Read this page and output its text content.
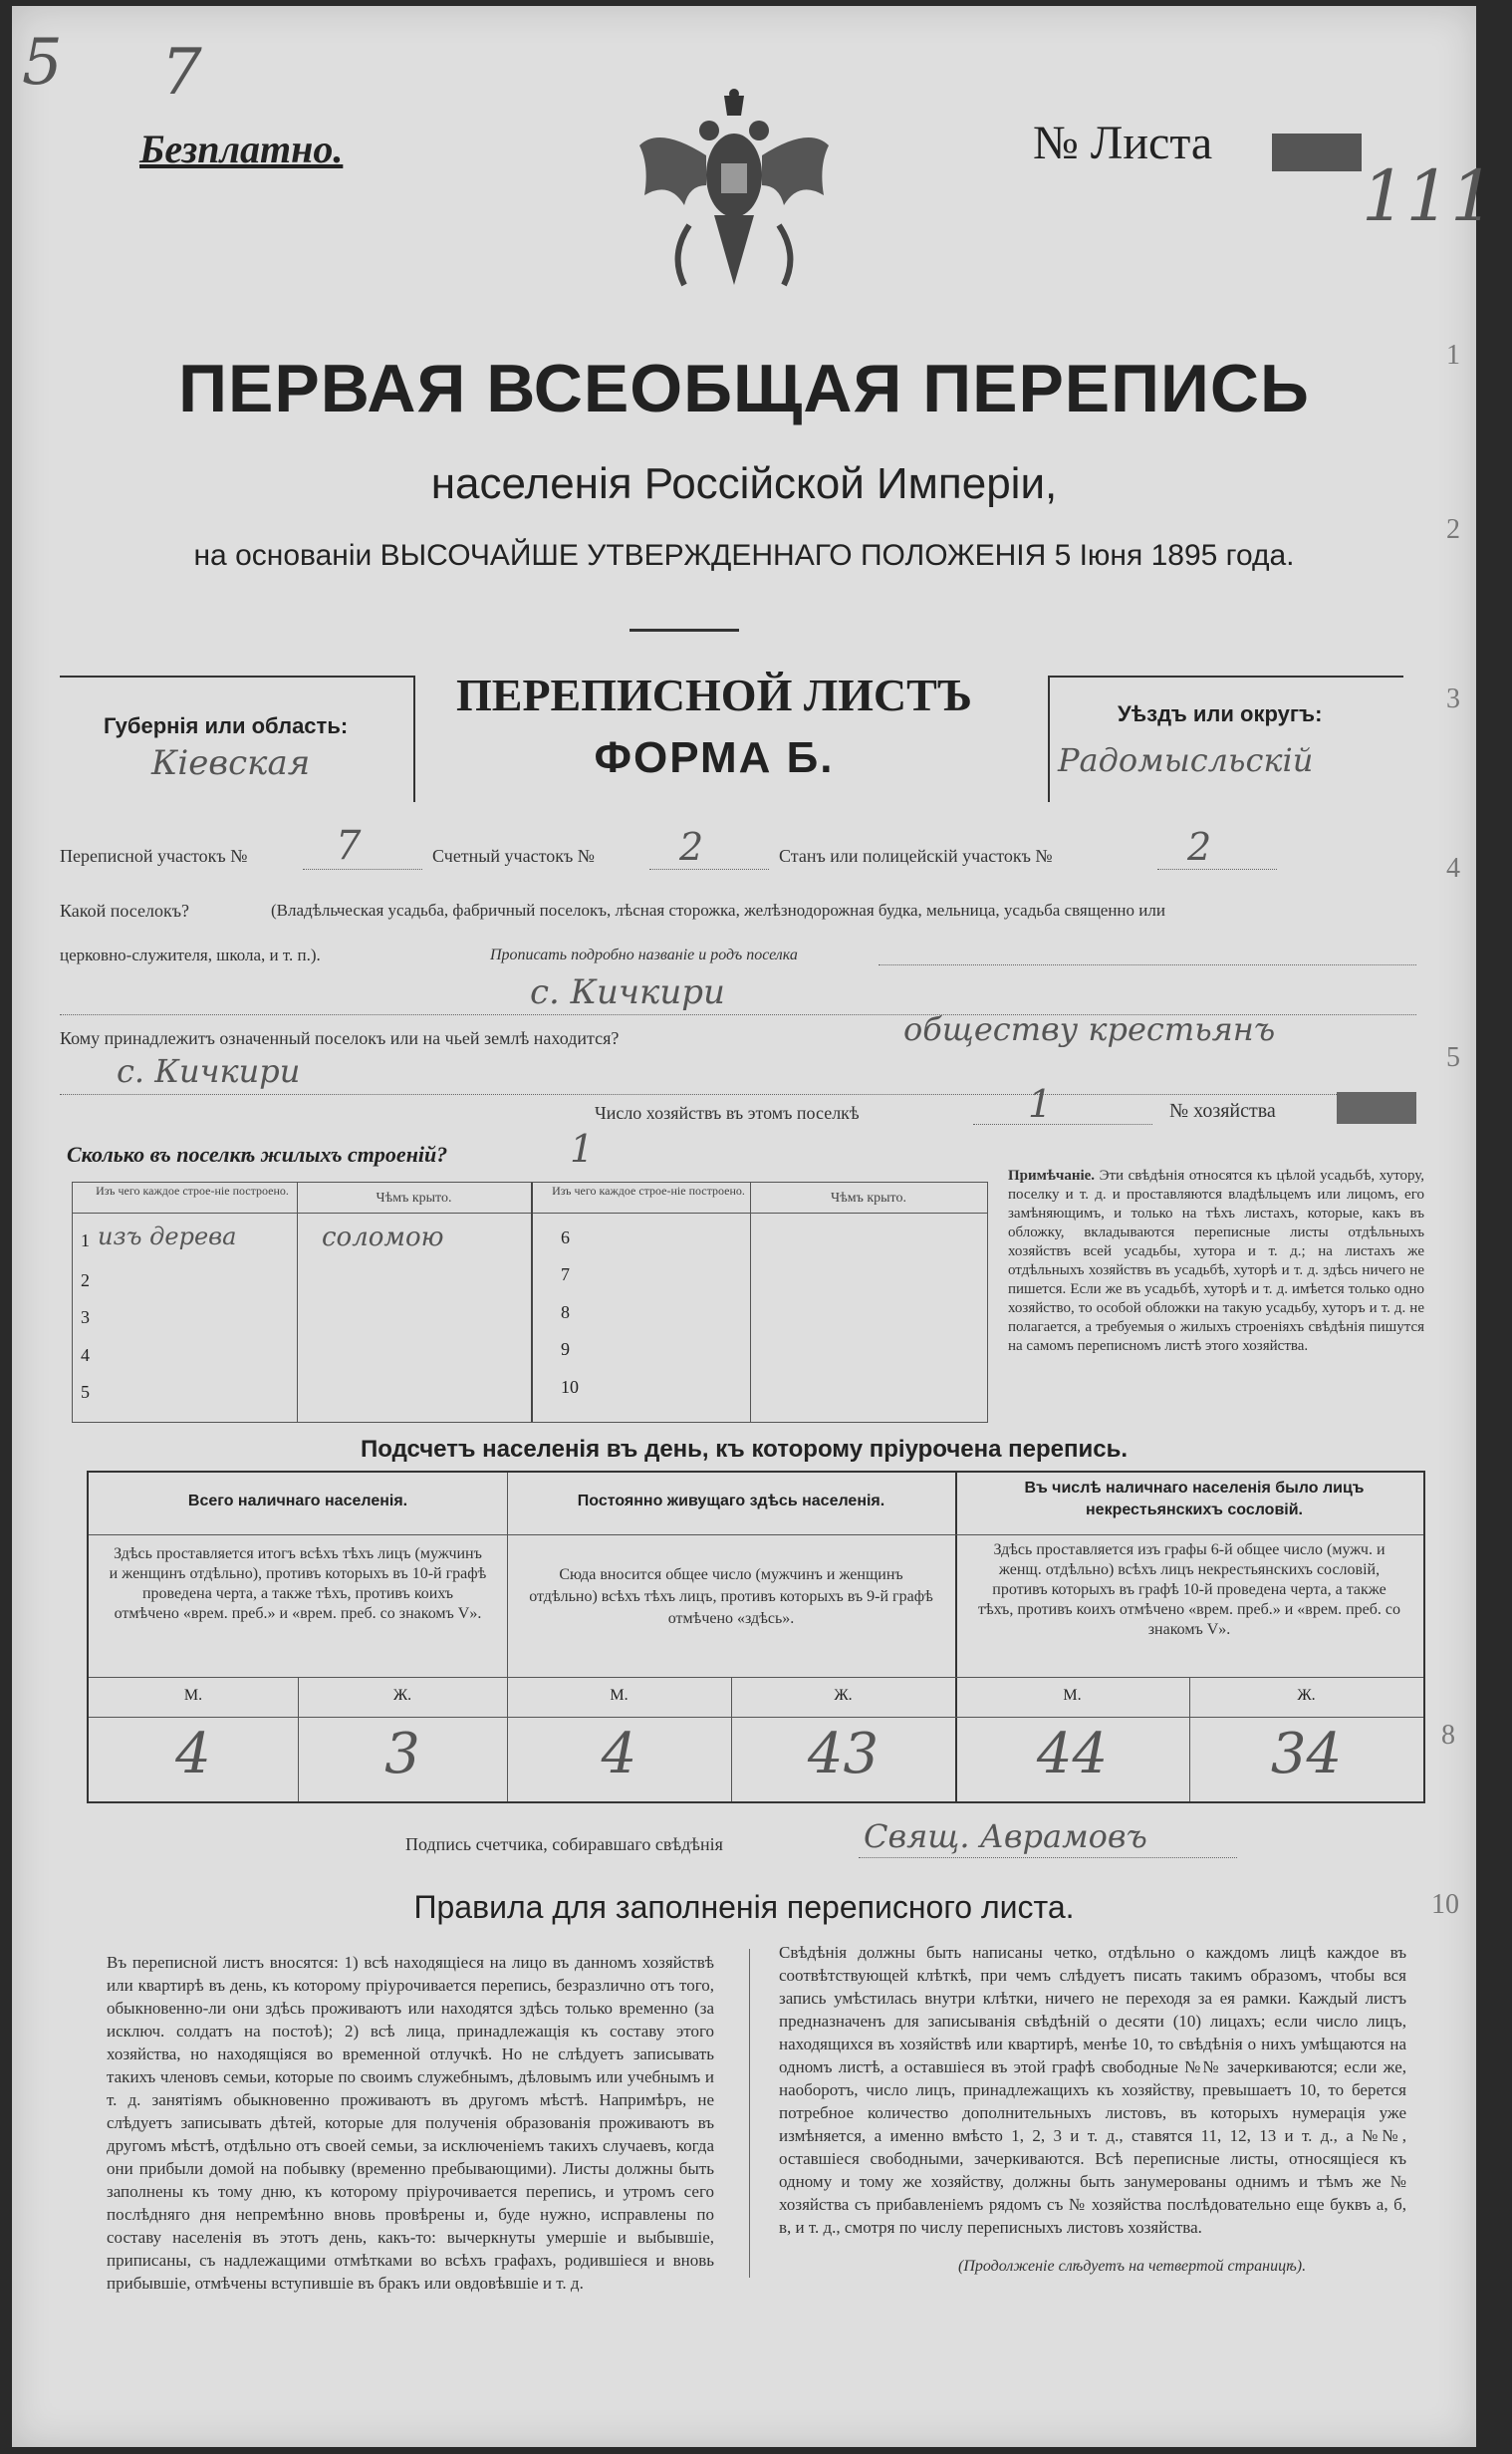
5 7
Безплатно.	№ Листа
111
ПЕРВАЯ ВСЕОБЩАЯ ПЕРЕПИСЬ
населенія Россійской Имперіи,
на основаніи ВЫСОЧАЙШЕ УТВЕРЖДЕННАГО ПОЛОЖЕНІЯ 5 Іюня 1895 года.
Губернія или область:
Кіевская
ПЕРЕПИСНОЙ ЛИСТЪ
ФОРМА Б.
Уѣздъ или округъ:
Радомысльскій
Переписной участокъ № 7	Счетный участокъ № 2	Станъ или полицейскій участокъ №	2
Какой поселокъ?	(Владѣльческая усадьба, фабричный поселокъ, лѣсная сторожка, желѣзнодорожная будка, мельница, усадьба священно или
церковно-служителя, школа, и т. п.).	Прописать подробно названіе и родъ поселка
с. Кичкири
Кому принадлежитъ означенный поселокъ или на чьей землѣ находится?	обществу крестьянъ
с. Кичкири
Число хозяйствъ въ этомъ поселкѣ	1	№ хозяйства
Сколько въ поселкѣ жилыхъ строеній?	1
Изъ чего каждое строе-ніе построено.	Чѣмъ крыто.	Изъ чего каждое строе-ніе построено.	Чѣмъ крыто.
1 изъ дерева	соломою
2
3
4
5
6
7
8
9
10
Примѣчаніе. Эти свѣдѣнія относятся къ цѣлой усадьбѣ, хутору, поселку и т. д. и проставляются владѣльцемъ или лицомъ, его замѣняющимъ, и только на тѣхъ листахъ, которые, какъ въ обложку, вкладываются переписные листы отдѣльныхъ хозяйствъ всей усадьбы, хутора и т. д.; на листахъ же отдѣльныхъ хозяйствъ въ усадьбѣ, хуторѣ и т. д. здѣсь ничего не пишется. Если же въ усадьбѣ, хуторѣ и т. д. имѣется только одно хозяйство, то особой обложки на такую усадьбу, хуторъ и т. д. не полагается, а требуемыя о жилыхъ строеніяхъ свѣдѣнія пишутся на самомъ переписномъ листѣ этого хозяйства.
Подсчетъ населенія въ день, къ которому пріурочена перепись.
Всего наличнаго населенія.	Постоянно живущаго здѣсь населенія.
Въ числѣ наличнаго населенія было лицъ некрестьянскихъ сословій.
Здѣсь проставляется итогъ всѣхъ тѣхъ лицъ (мужчинъ и женщинъ отдѣльно), противъ которыхъ въ 10-й графѣ проведена черта, а также тѣхъ, противъ коихъ отмѣчено «врем. преб.» и «врем. преб. со знакомъ V».
Сюда вносится общее число (мужчинъ и женщинъ отдѣльно) всѣхъ тѣхъ лицъ, противъ которыхъ въ 9-й графѣ отмѣчено «здѣсь».
Здѣсь проставляется изъ графы 6-й общее число (мужч. и женщ. отдѣльно) всѣхъ лицъ некрестьянскихъ сословій, противъ которыхъ въ графѣ 10-й проведена черта, а также тѣхъ, противъ коихъ отмѣчено «врем. преб.» и «врем. преб. со знакомъ V».
М.	Ж.	М.	Ж.	М.	Ж.
4	3	4	43	44	34
Подпись счетчика, собиравшаго свѣдѣнія	Свящ. Аврамовъ
Правила для заполненія переписного листа.
Въ переписной листъ вносятся: 1) всѣ находящіеся на лицо въ данномъ хозяйствѣ или квартирѣ въ день, къ которому пріурочивается перепись, безразлично отъ того, обыкновенно-ли они здѣсь проживаютъ или находятся здѣсь только временно (за исключ. солдатъ на постоѣ); 2) всѣ лица, принадлежащія къ составу этого хозяйства, но находящіяся во временной отлучкѣ. Но не слѣдуетъ записывать такихъ членовъ семьи, которые по своимъ служебнымъ, дѣловымъ или учебнымъ и т. д. занятіямъ обыкновенно проживаютъ въ другомъ мѣстѣ. Напримѣръ, не слѣдуетъ записывать дѣтей, которые для полученія образованія проживаютъ въ другомъ мѣстѣ, отдѣльно отъ своей семьи, за исключеніемъ такихъ случаевъ, когда они прибыли домой на побывку (временно пребывающими). Листы должны быть заполнены къ тому дню, къ которому пріурочивается перепись, и утромъ сего послѣдняго дня непремѣнно вновь провѣрены и, буде нужно, исправлены по составу населенія въ этотъ день, какъ-то: вычеркнуты умершіе и выбывшіе, приписаны, съ надлежащими отмѣтками во всѣхъ графахъ, родившіеся и вновь прибывшіе, отмѣчены вступившіе въ бракъ или овдовѣвшіе и т. д.
Свѣдѣнія должны быть написаны четко, отдѣльно о каждомъ лицѣ каждое въ соотвѣтствующей клѣткѣ, при чемъ слѣдуетъ писать такимъ образомъ, чтобы вся запись умѣстилась внутри клѣтки, ничего не переходя за ея рамки. Каждый листъ предназначенъ для записыванія свѣдѣній о десяти (10) лицахъ; если число лицъ, находящихся въ хозяйствѣ или квартирѣ, менѣе 10, то свѣдѣнія о нихъ умѣщаются на одномъ листѣ, а оставшіеся въ этой графѣ свободные №№ зачеркиваются; если же, наоборотъ, число лицъ, принадлежащихъ къ хозяйству, превышаетъ 10, то берется потребное количество дополнительныхъ листовъ, въ которыхъ нумерація уже измѣняется, а именно вмѣсто 1, 2, 3 и т. д., ставятся 11, 12, 13 и т. д., а №№, оставшіеся свободными, зачеркиваются. Всѣ переписные листы, относящіеся къ одному и тому же хозяйству, должны быть занумерованы однимъ и тѣмъ же № хозяйства съ прибавленіемъ рядомъ съ № хозяйства послѣдовательно еще буквъ а, б, в, и т. д., смотря по числу переписныхъ листовъ хозяйства.
(Продолженіе слѣдуетъ на четвертой страницѣ).
1
2
3
4
5
8
10
